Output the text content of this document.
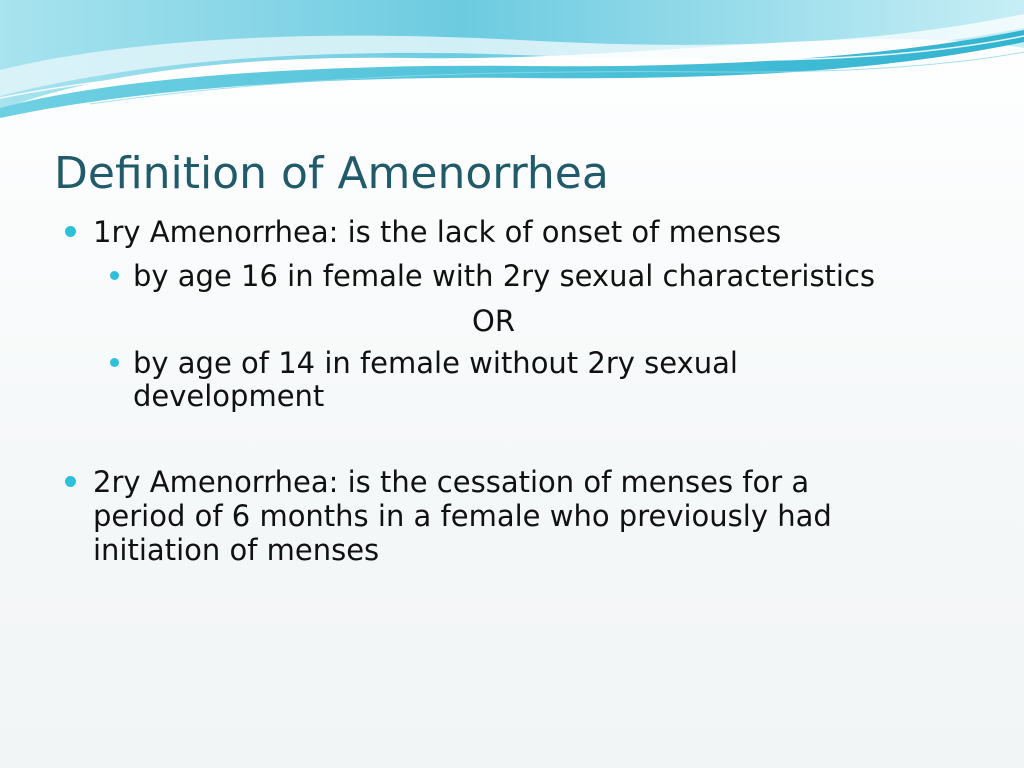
Definition of Amenorrhea
1ry Amenorrhea: is the lack of onset of menses
by age 16 in female with 2ry sexual characteristics
OR
by age of 14 in female without 2ry sexual
development
2ry Amenorrhea: is the cessation of menses for a
period of 6 months in a female who previously had
initiation of menses
